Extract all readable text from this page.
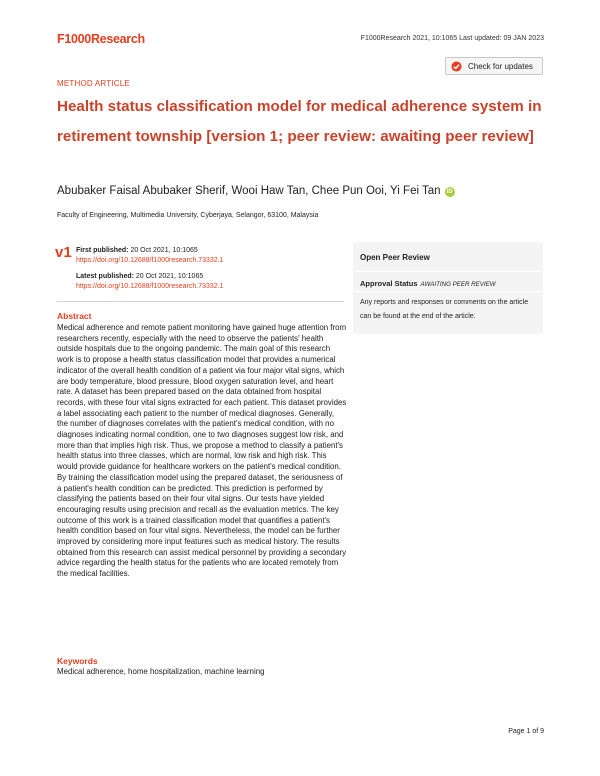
F1000Research	F1000Research 2021, 10:1065 Last updated: 09 JAN 2023
Check for updates
METHOD ARTICLE
Health status classification model for medical adherence system in retirement township [version 1; peer review: awaiting peer review]
Abubaker Faisal Abubaker Sherif, Wooi Haw Tan, Chee Pun Ooi, Yi Fei Tan iD
Faculty of Engineering, Multimedia University, Cyberjaya, Selangor, 63100, Malaysia
v1 First published: 20 Oct 2021, 10:1065
https://doi.org/10.12688/f1000research.73332.1
Latest published: 20 Oct 2021, 10:1065
https://doi.org/10.12688/f1000research.73332.1
Open Peer Review
Approval Status AWAITING PEER REVIEW
Any reports and responses or comments on the article can be found at the end of the article.
Abstract

Medical adherence and remote patient monitoring have gained huge attention from researchers recently, especially with the need to observe the patients' health outside hospitals due to the ongoing pandemic. The main goal of this research work is to propose a health status classification model that provides a numerical indicator of the overall health condition of a patient via four major vital signs, which are body temperature, blood pressure, blood oxygen saturation level, and heart rate. A dataset has been prepared based on the data obtained from hospital records, with these four vital signs extracted for each patient. This dataset provides a label associating each patient to the number of medical diagnoses. Generally, the number of diagnoses correlates with the patient's medical condition, with no diagnoses indicating normal condition, one to two diagnoses suggest low risk, and more than that implies high risk. Thus, we propose a method to classify a patient's health status into three classes, which are normal, low risk and high risk. This would provide guidance for healthcare workers on the patient's medical condition. By training the classification model using the prepared dataset, the seriousness of a patient's health condition can be predicted. This prediction is performed by classifying the patients based on their four vital signs. Our tests have yielded encouraging results using precision and recall as the evaluation metrics. The key outcome of this work is a trained classification model that quantifies a patient's health condition based on four vital signs. Nevertheless, the model can be further improved by considering more input features such as medical history. The results obtained from this research can assist medical personnel by providing a secondary advice regarding the health status for the patients who are located remotely from the medical facilities.

Keywords
Medical adherence, home hospitalization, machine learning
Page 1 of 9
